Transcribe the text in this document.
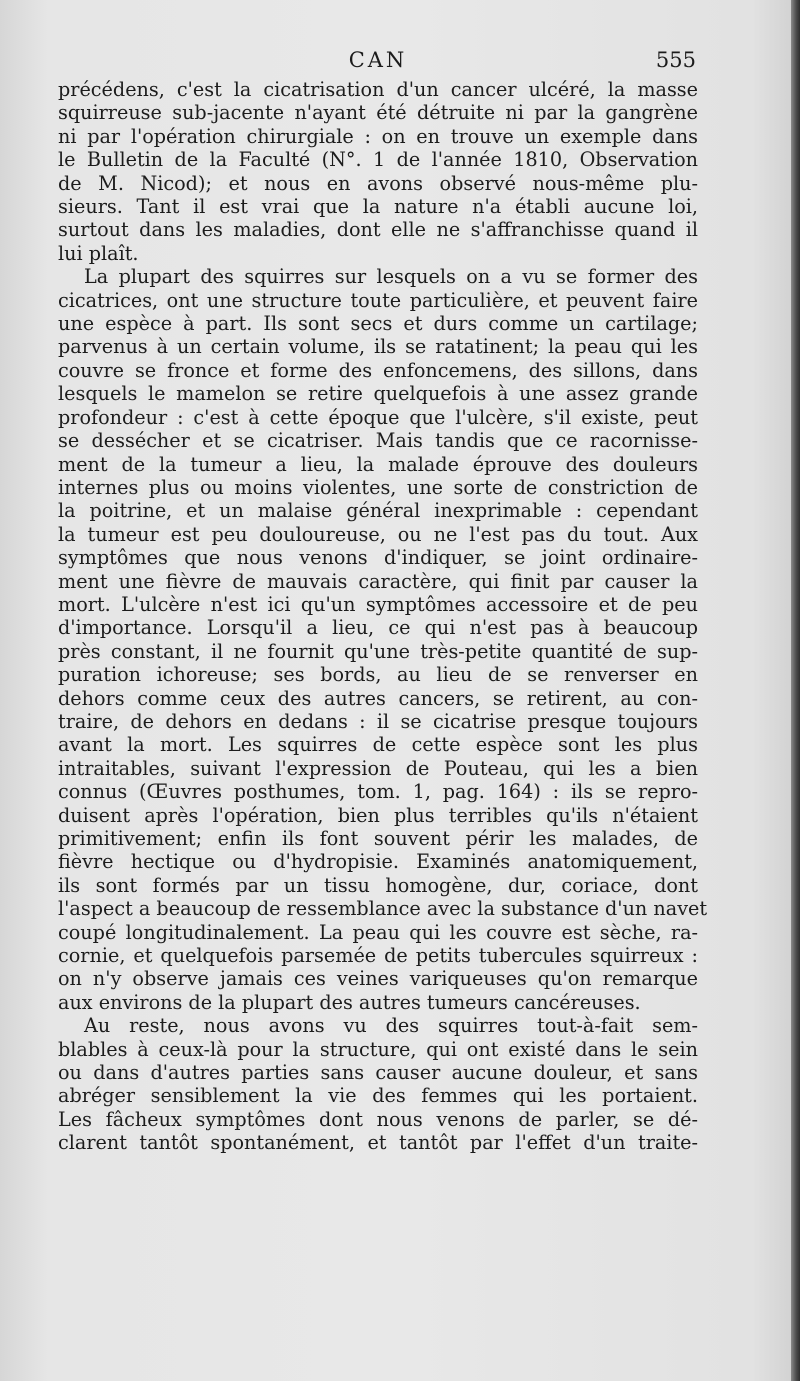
CAN	555
précédens, c'est la cicatrisation d'un cancer ulcéré, la masse
squirreuse sub-jacente n'ayant été détruite ni par la gangrène
ni par l'opération chirurgiale : on en trouve un exemple dans
le Bulletin de la Faculté (N°. 1 de l'année 1810, Observation
de M. Nicod); et nous en avons observé nous-même plu-
sieurs. Tant il est vrai que la nature n'a établi aucune loi,
surtout dans les maladies, dont elle ne s'affranchisse quand il
lui plaît.
La plupart des squirres sur lesquels on a vu se former des
cicatrices, ont une structure toute particulière, et peuvent faire
une espèce à part. Ils sont secs et durs comme un cartilage;
parvenus à un certain volume, ils se ratatinent; la peau qui les
couvre se fronce et forme des enfoncemens, des sillons, dans
lesquels le mamelon se retire quelquefois à une assez grande
profondeur : c'est à cette époque que l'ulcère, s'il existe, peut
se dessécher et se cicatriser. Mais tandis que ce racornisse-
ment de la tumeur a lieu, la malade éprouve des douleurs
internes plus ou moins violentes, une sorte de constriction de
la poitrine, et un malaise général inexprimable : cependant
la tumeur est peu douloureuse, ou ne l'est pas du tout. Aux
symptômes que nous venons d'indiquer, se joint ordinaire-
ment une fièvre de mauvais caractère, qui finit par causer la
mort. L'ulcère n'est ici qu'un symptômes accessoire et de peu
d'importance. Lorsqu'il a lieu, ce qui n'est pas à beaucoup
près constant, il ne fournit qu'une très-petite quantité de sup-
puration ichoreuse; ses bords, au lieu de se renverser en
dehors comme ceux des autres cancers, se retirent, au con-
traire, de dehors en dedans : il se cicatrise presque toujours
avant la mort. Les squirres de cette espèce sont les plus
intraitables, suivant l'expression de Pouteau, qui les a bien
connus (Œuvres posthumes, tom. 1, pag. 164) : ils se repro-
duisent après l'opération, bien plus terribles qu'ils n'étaient
primitivement; enfin ils font souvent périr les malades, de
fièvre hectique ou d'hydropisie. Examinés anatomiquement,
ils sont formés par un tissu homogène, dur, coriace, dont
l'aspect a beaucoup de ressemblance avec la substance d'un navet
coupé longitudinalement. La peau qui les couvre est sèche, ra-
cornie, et quelquefois parsemée de petits tubercules squirreux :
on n'y observe jamais ces veines variqueuses qu'on remarque
aux environs de la plupart des autres tumeurs cancéreuses.
Au reste, nous avons vu des squirres tout-à-fait sem-
blables à ceux-là pour la structure, qui ont existé dans le sein
ou dans d'autres parties sans causer aucune douleur, et sans
abréger sensiblement la vie des femmes qui les portaient.
Les fâcheux symptômes dont nous venons de parler, se dé-
clarent tantôt spontanément, et tantôt par l'effet d'un traite-
